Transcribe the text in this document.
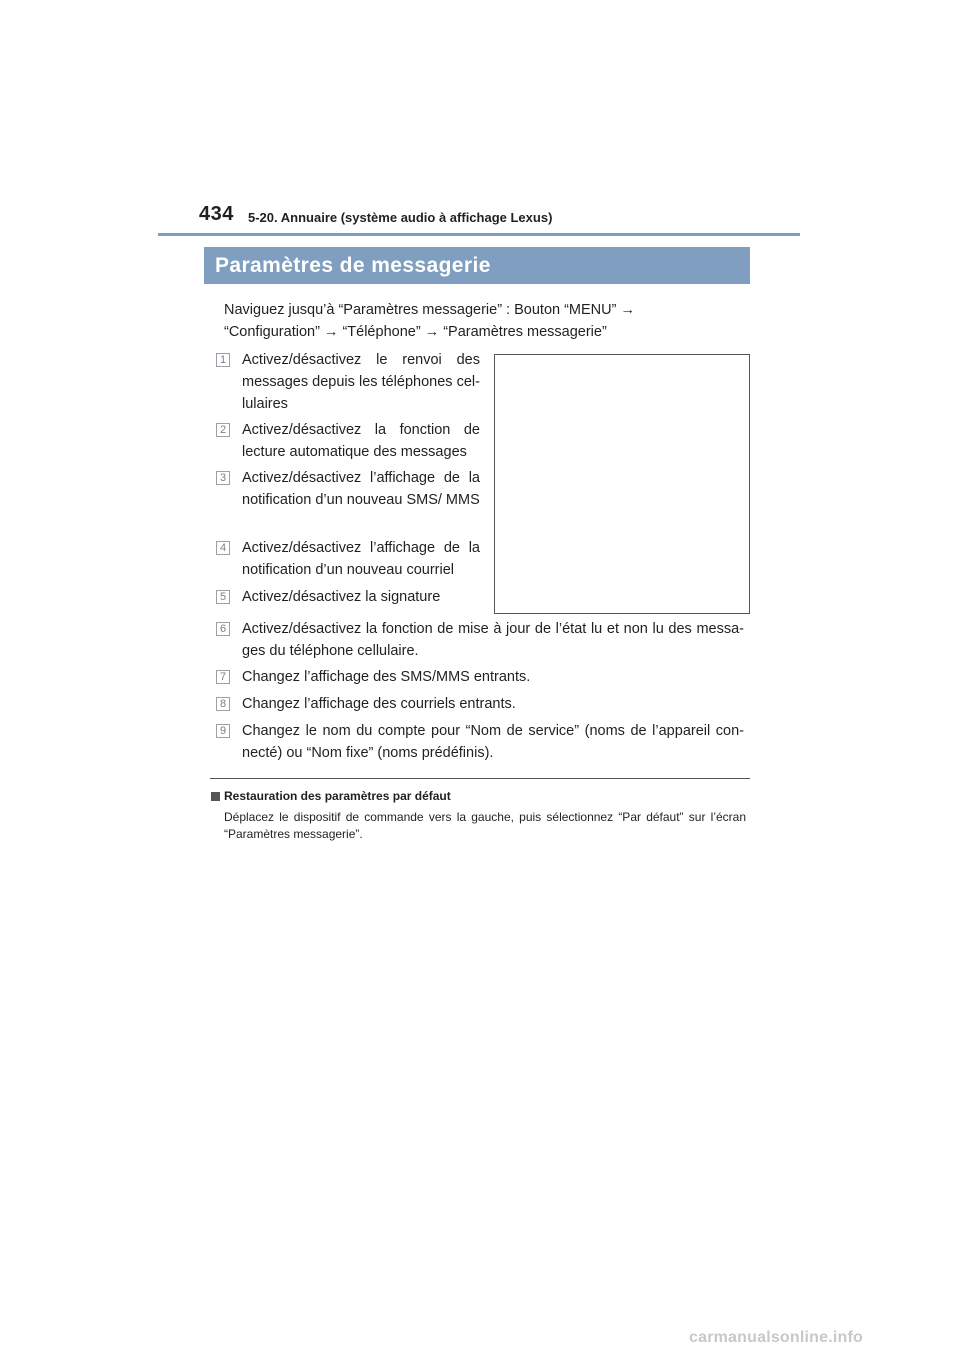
434 5-20. Annuaire (système audio à affichage Lexus)
Paramètres de messagerie
Naviguez jusqu’à “Paramètres messagerie” : Bouton “MENU” →
“Configuration” → “Téléphone” → “Paramètres messagerie”
1 Activez/désactivez le renvoi des messages depuis les téléphones cellulaires
2 Activez/désactivez la fonction de lecture automatique des messages
3 Activez/désactivez l’affichage de la notification d’un nouveau SMS/ MMS
4 Activez/désactivez l’affichage de la notification d’un nouveau courriel
5 Activez/désactivez la signature
6 Activez/désactivez la fonction de mise à jour de l’état lu et non lu des messages du téléphone cellulaire.
7 Changez l’affichage des SMS/MMS entrants.
8 Changez l’affichage des courriels entrants.
9 Changez le nom du compte pour “Nom de service” (noms de l’appareil connecté) ou “Nom fixe” (noms prédéfinis).
Restauration des paramètres par défaut
Déplacez le dispositif de commande vers la gauche, puis sélectionnez “Par défaut” sur l’écran “Paramètres messagerie”.
carmanualsonline.info
